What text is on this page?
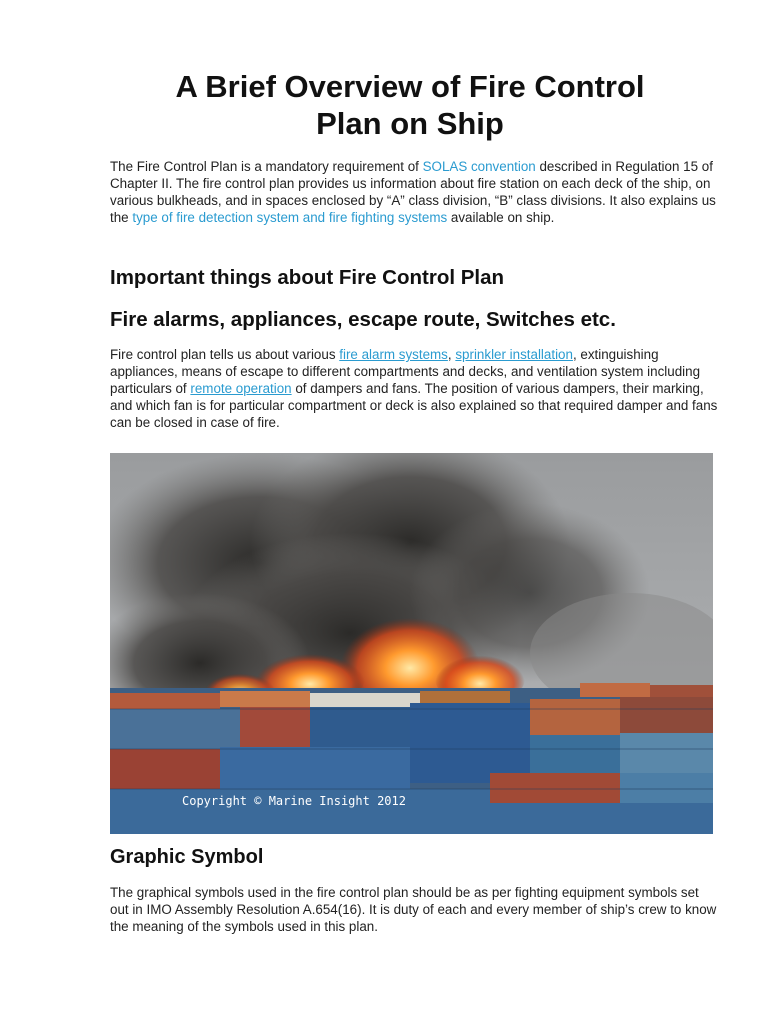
A Brief Overview of Fire Control
Plan on Ship

The Fire Control Plan is a mandatory requirement of SOLAS convention described in Regulation 15 of Chapter II. The fire control plan provides us information about fire station on each deck of the ship, on various bulkheads, and in spaces enclosed by “A” class division, “B” class divisions. It also explains us the type of fire detection system and fire fighting systems available on ship.

Important things about Fire Control Plan
Fire alarms, appliances, escape route, Switches etc.

Fire control plan tells us about various fire alarm systems, sprinkler installation, extinguishing appliances, means of escape to different compartments and decks, and ventilation system including particulars of remote operation of dampers and fans. The position of various dampers, their marking, and which fan is for particular compartment or deck is also explained so that required damper and fans can be closed in case of fire.

Copyright © Marine Insight 2012
Graphic Symbol

The graphical symbols used in the fire control plan should be as per fighting equipment symbols set out in IMO Assembly Resolution A.654(16). It is duty of each and every member of ship’s crew to know the meaning of the symbols used in this plan.
